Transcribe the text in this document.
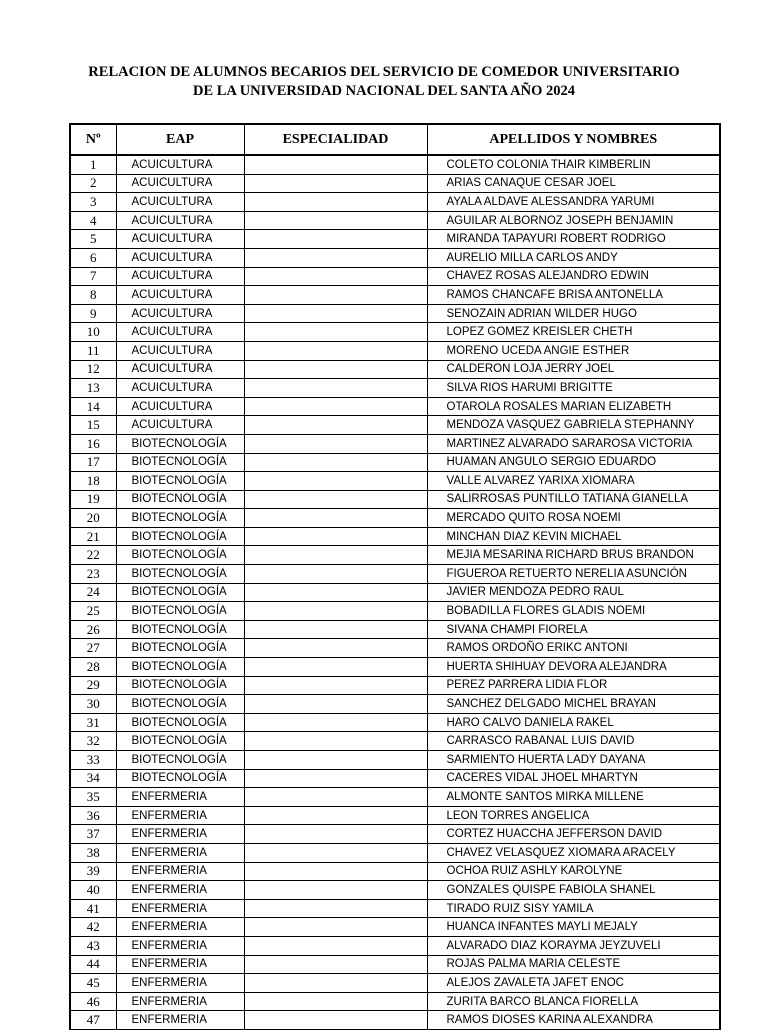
RELACION DE ALUMNOS BECARIOS DEL SERVICIO DE COMEDOR UNIVERSITARIO
DE LA UNIVERSIDAD NACIONAL DEL SANTA AÑO 2024
Nº	EAP	ESPECIALIDAD	APELLIDOS Y NOMBRES
1	ACUICULTURA		COLETO COLONIA THAIR KIMBERLIN
2	ACUICULTURA		ARIAS CANAQUE CESAR JOEL
3	ACUICULTURA		AYALA ALDAVE ALESSANDRA YARUMI
4	ACUICULTURA		AGUILAR ALBORNOZ JOSEPH BENJAMIN
5	ACUICULTURA		MIRANDA TAPAYURI ROBERT RODRIGO
6	ACUICULTURA		AURELIO MILLA CARLOS ANDY
7	ACUICULTURA		CHAVEZ ROSAS ALEJANDRO EDWIN
8	ACUICULTURA		RAMOS CHANCAFE BRISA ANTONELLA
9	ACUICULTURA		SENOZAIN ADRIAN WILDER HUGO
10	ACUICULTURA		LOPEZ GOMEZ KREISLER CHETH
11	ACUICULTURA		MORENO UCEDA ANGIE ESTHER
12	ACUICULTURA		CALDERON LOJA JERRY JOEL
13	ACUICULTURA		SILVA RIOS HARUMI BRIGITTE
14	ACUICULTURA		OTAROLA ROSALES MARIAN ELIZABETH
15	ACUICULTURA		MENDOZA VASQUEZ GABRIELA STEPHANNY
16	BIOTECNOLOGÍA		MARTINEZ ALVARADO SARAROSA VICTORIA
17	BIOTECNOLOGÍA		HUAMAN ANGULO SERGIO EDUARDO
18	BIOTECNOLOGÍA		VALLE ALVAREZ YARIXA XIOMARA
19	BIOTECNOLOGÍA		SALIRROSAS PUNTILLO TATIANA GIANELLA
20	BIOTECNOLOGÍA		MERCADO QUITO ROSA NOEMI
21	BIOTECNOLOGÍA		MINCHAN DIAZ KEVIN MICHAEL
22	BIOTECNOLOGÍA		MEJIA MESARINA RICHARD BRUS BRANDON
23	BIOTECNOLOGÍA		FIGUEROA RETUERTO NERELIA ASUNCIÓN
24	BIOTECNOLOGÍA		JAVIER MENDOZA PEDRO RAUL
25	BIOTECNOLOGÍA		BOBADILLA FLORES GLADIS NOEMI
26	BIOTECNOLOGÍA		SIVANA CHAMPI FIORELA
27	BIOTECNOLOGÍA		RAMOS ORDOÑO ERIKC ANTONI
28	BIOTECNOLOGÍA		HUERTA SHIHUAY DEVORA ALEJANDRA
29	BIOTECNOLOGÍA		PEREZ PARRERA LIDIA FLOR
30	BIOTECNOLOGÍA		SANCHEZ DELGADO MICHEL BRAYAN
31	BIOTECNOLOGÍA		HARO CALVO DANIELA RAKEL
32	BIOTECNOLOGÍA		CARRASCO RABANAL LUIS DAVID
33	BIOTECNOLOGÍA		SARMIENTO HUERTA LADY DAYANA
34	BIOTECNOLOGÍA		CACERES VIDAL JHOEL MHARTYN
35	ENFERMERIA		ALMONTE SANTOS MIRKA MILLENE
36	ENFERMERIA		LEON TORRES ANGELICA
37	ENFERMERIA		CORTEZ HUACCHA JEFFERSON DAVID
38	ENFERMERIA		CHAVEZ VELASQUEZ XIOMARA ARACELY
39	ENFERMERIA		OCHOA RUIZ ASHLY KAROLYNE
40	ENFERMERIA		GONZALES QUISPE FABIOLA SHANEL
41	ENFERMERIA		TIRADO RUIZ SISY YAMILA
42	ENFERMERIA		HUANCA INFANTES MAYLI MEJALY
43	ENFERMERIA		ALVARADO DIAZ KORAYMA JEYZUVELI
44	ENFERMERIA		ROJAS PALMA MARIA CELESTE
45	ENFERMERIA		ALEJOS ZAVALETA JAFET ENOC
46	ENFERMERIA		ZURITA BARCO BLANCA FIORELLA
47	ENFERMERIA		RAMOS DIOSES KARINA ALEXANDRA
